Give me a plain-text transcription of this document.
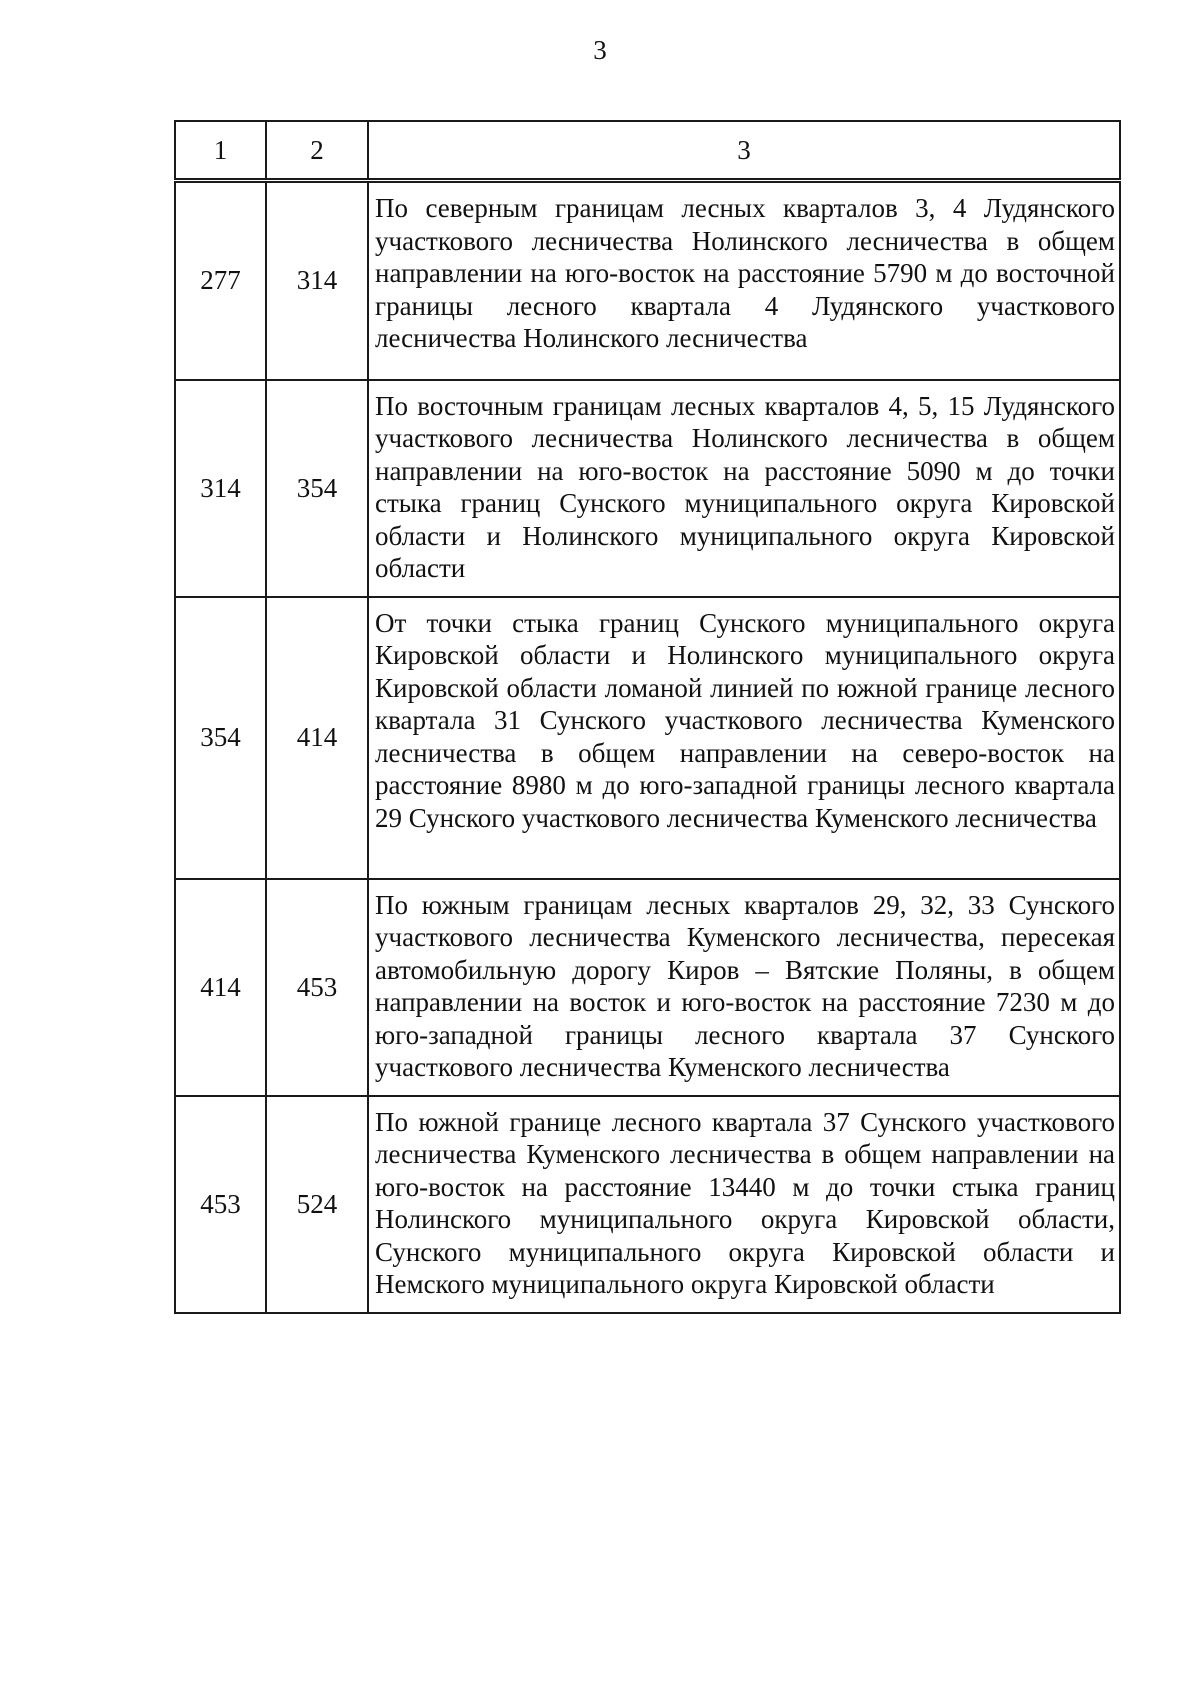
3
1	2	3
277	314	По северным границам лесных кварталов 3, 4 Лудянского участкового лесничества Нолинского лесничества в общем направлении на юго-восток на расстояние 5790 м до восточной границы лесного квартала 4 Лудянского участкового лесничества Нолинского лесничества
314	354	По восточным границам лесных кварталов 4, 5, 15 Лудянского участкового лесничества Нолинского лесничества в общем направлении на юго-восток на расстояние 5090 м до точки стыка границ Сунского муниципального округа Кировской области и Нолинского муниципального округа Кировской области
354	414	От точки стыка границ Сунского муниципального округа Кировской области и Нолинского муниципального округа Кировской области ломаной линией по южной границе лесного квартала 31 Сунского участкового лесничества Куменского лесничества в общем направлении на северо-восток на расстояние 8980 м до юго-западной границы лесного квартала 29 Сунского участкового лесничества Куменского лесничества
414	453	По южным границам лесных кварталов 29, 32, 33 Сунского участкового лесничества Куменского лесничества, пересекая автомобильную дорогу Киров – Вятские Поляны, в общем направлении на восток и юго-восток на расстояние 7230 м до юго-западной границы лесного квартала 37 Сунского участкового лесничества Куменского лесничества
453	524	По южной границе лесного квартала 37 Сунского участкового лесничества Куменского лесничества в общем направлении на юго-восток на расстояние 13440 м до точки стыка границ Нолинского муниципального округа Кировской области, Сунского муниципального округа Кировской области и Немского муниципального округа Кировской области
